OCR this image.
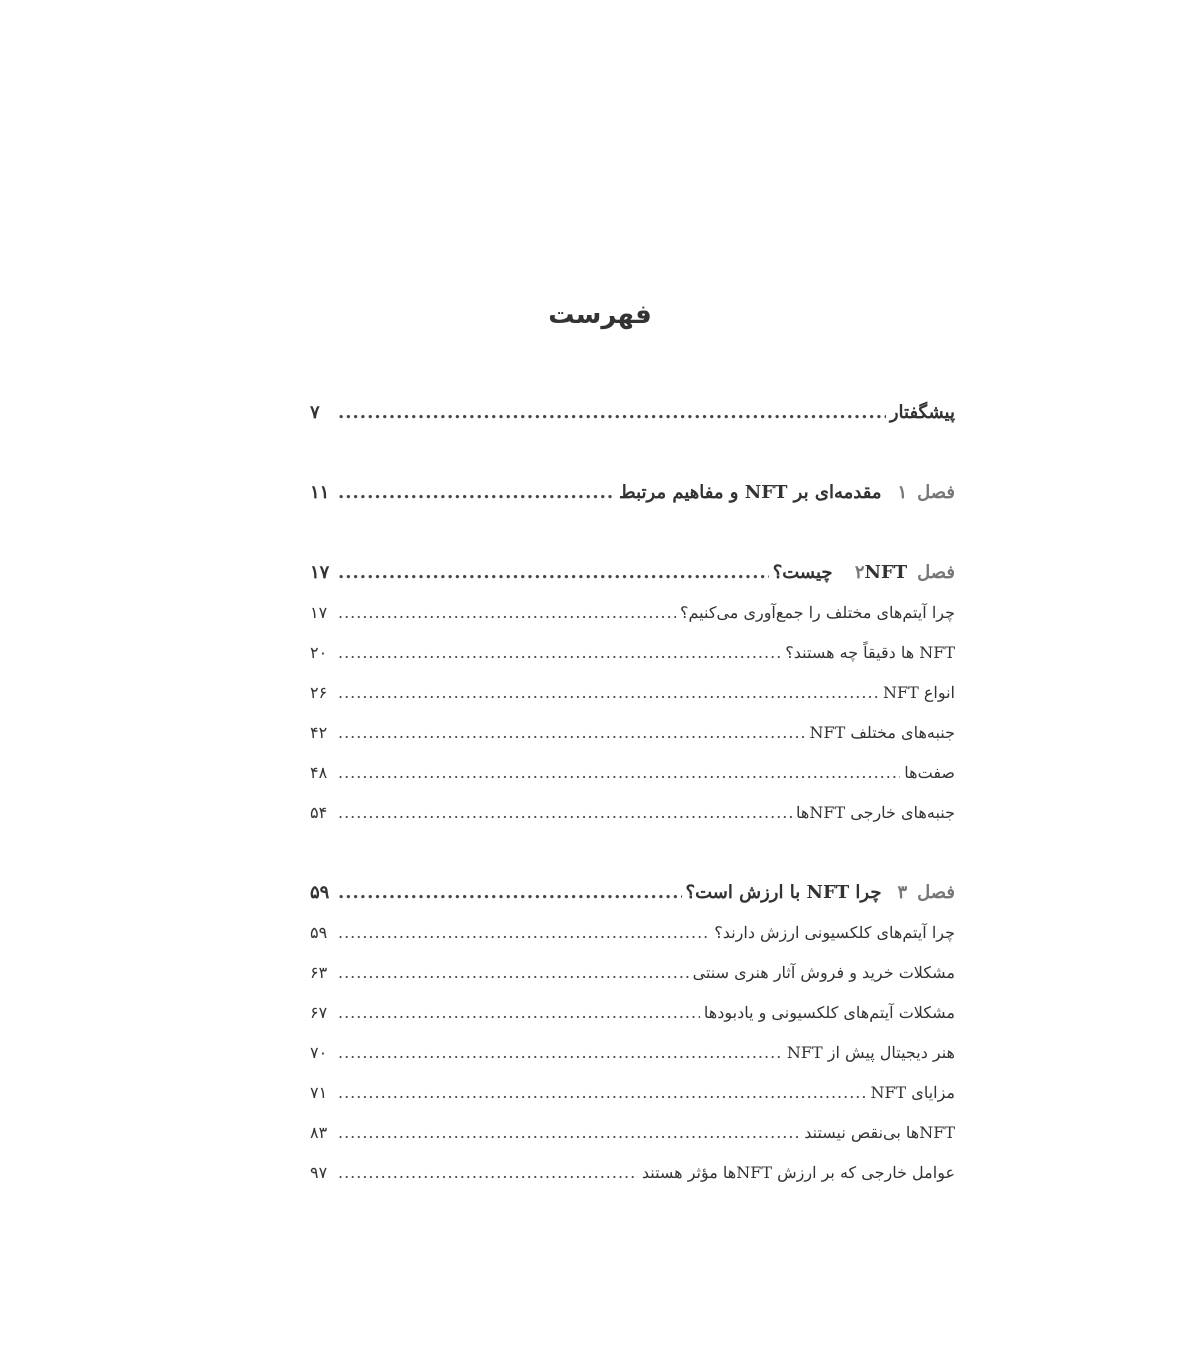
فهرست
پیشگفتار
.....
۷
فصل۱مقدمه‌ای بر NFT و مفاهیم مرتبط
.....
۱۱
فصل۲NFT چیست؟
.....
۱۷
چرا آیتم‌های مختلف را جمع‌آوری می‌کنیم؟
.....
۱۷
NFT ها دقیقاً چه هستند؟
.....
۲۰
انواع NFT
.....
۲۶
جنبه‌های مختلف NFT
.....
۴۲
صفت‌ها
.....
۴۸
جنبه‌های خارجی NFTها
.....
۵۴
فصل۳چرا NFT با ارزش است؟
.....
۵۹
چرا آیتم‌های کلکسیونی ارزش دارند؟
.....
۵۹
مشکلات خرید و فروش آثار هنری سنتی
.....
۶۳
مشکلات آیتم‌های کلکسیونی و یادبودها
.....
۶۷
هنر دیجیتال پیش از NFT
.....
۷۰
مزایای NFT
.....
۷۱
NFTها بی‌نقص نیستند
.....
۸۳
عوامل خارجی که بر ارزش NFTها مؤثر هستند
.....
۹۷
